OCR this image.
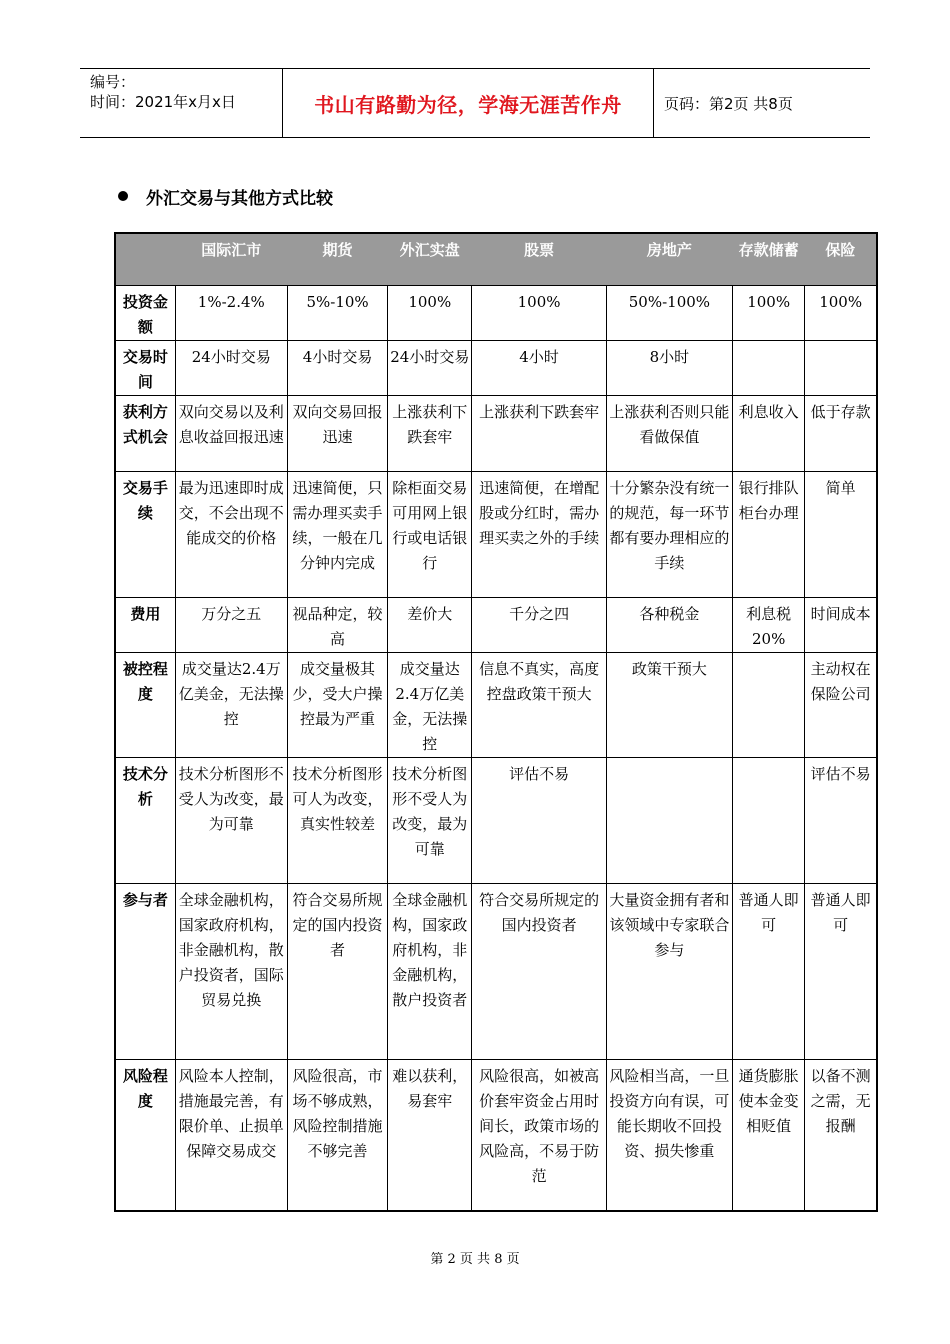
编号：
时间：2021年x月x日	书山有路勤为径，学海无涯苦作舟	页码：第2页 共8页
外汇交易与其他方式比较
	国际汇市	期货	外汇实盘	股票	房地产	存款储蓄	保险
投资金额	1%-2.4%	5%-10%	100%	100%	50%-100%	100%	100%
交易时间	24小时交易	4小时交易	24小时交易	4小时	8小时		
获利方式机会	双向交易以及利息收益回报迅速	双向交易回报迅速	上涨获利下跌套牢	上涨获利下跌套牢	上涨获利否则只能看做保值	利息收入	低于存款
交易手续	最为迅速即时成交，不会出现不能成交的价格	迅速简便，只需办理买卖手续，一般在几分钟内完成	除柜面交易可用网上银行或电话银行	迅速简便，在增配股或分红时，需办理买卖之外的手续	十分繁杂没有统一的规范，每一环节都有要办理相应的手续	银行排队柜台办理	简单
费用	万分之五	视品种定，较高	差价大	千分之四	各种税金	利息税20%	时间成本
被控程度	成交量达2.4万亿美金，无法操控	成交量极其少，受大户操控最为严重	成交量达2.4万亿美金，无法操控	信息不真实，高度控盘政策干预大	政策干预大		主动权在保险公司
技术分析	技术分析图形不受人为改变，最为可靠	技术分析图形可人为改变，真实性较差	技术分析图形不受人为改变，最为可靠	评估不易			评估不易
参与者	全球金融机构，国家政府机构，非金融机构，散户投资者，国际贸易兑换	符合交易所规定的国内投资者	全球金融机构，国家政府机构，非金融机构，散户投资者	符合交易所规定的国内投资者	大量资金拥有者和该领域中专家联合参与	普通人即可	普通人即可
风险程度	风险本人控制，措施最完善，有限价单、止损单保障交易成交	风险很高，市场不够成熟，风险控制措施不够完善	难以获利，易套牢	风险很高，如被高价套牢资金占用时间长，政策市场的风险高，不易于防范	风险相当高，一旦投资方向有误，可能长期收不回投资、损失惨重	通货膨胀使本金变相贬值	以备不测之需，无报酬
第 2 页 共 8 页
